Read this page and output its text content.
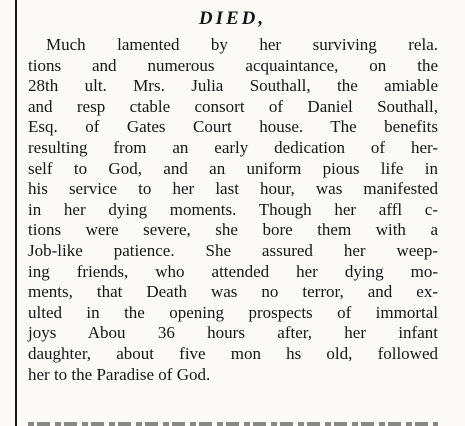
DIED,
Much lamented by her surviving rela.
tions and numerous acquaintance, on the
28th ult. Mrs. Julia Southall, the amiable
and resp ctable consort of Daniel Southall,
Esq. of Gates Court house. The benefits
resulting from an early dedication of her-
self to God, and an uniform pious life in
his service to her last hour, was manifested
in her dying moments. Though her affl c-
tions were severe, she bore them with a
Job-like patience. She assured her weep-
ing friends, who attended her dying mo-
ments, that Death was no terror, and ex-
ulted in the opening prospects of immortal
joys Abou 36 hours after, her infant
daughter, about five mon hs old, followed
her to the Paradise of God.
